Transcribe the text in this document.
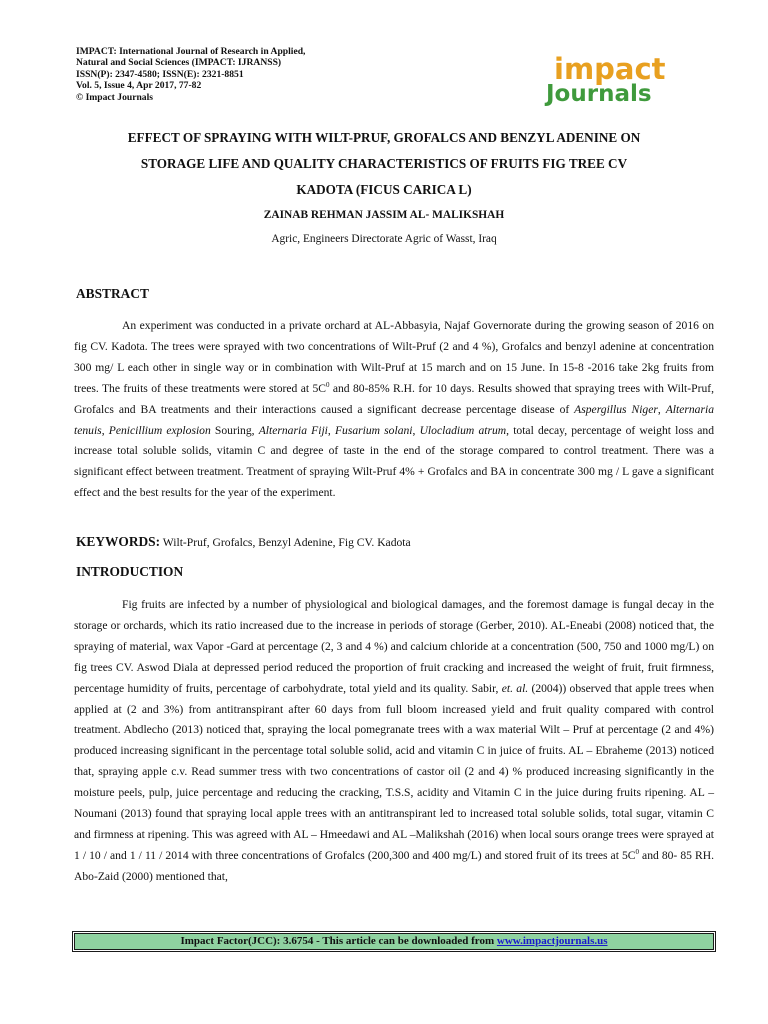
IMPACT: International Journal of Research in Applied,
Natural and Social Sciences (IMPACT: IJRANSS)
ISSN(P): 2347-4580; ISSN(E): 2321-8851
Vol. 5, Issue 4, Apr 2017, 77-82
© Impact Journals
impact
Journals
EFFECT OF SPRAYING WITH WILT-PRUF, GROFALCS AND BENZYL ADENINE ON
STORAGE LIFE AND QUALITY CHARACTERISTICS OF FRUITS FIG TREE CV
KADOTA (FICUS CARICA L)
ZAINAB REHMAN JASSIM AL- MALIKSHAH
Agric, Engineers Directorate Agric of Wasst, Iraq
ABSTRACT
An experiment was conducted in a private orchard at AL-Abbasyia, Najaf Governorate during the growing season of 2016 on fig CV. Kadota. The trees were sprayed with two concentrations of Wilt-Pruf (2 and 4 %), Grofalcs and benzyl adenine at concentration 300 mg/ L each other in single way or in combination with Wilt-Pruf at 15 march and on 15 June. In 15-8 -2016 take 2kg fruits from trees. The fruits of these treatments were stored at $5C^0$ and 80-85% R.H. for 10 days. Results showed that spraying trees with Wilt-Pruf, Grofalcs and BA treatments and their interactions caused a significant decrease percentage disease of Aspergillus Niger, Alternaria tenuis, Penicillium explosion Souring, Alternaria Fiji, Fusarium solani, Ulocladium atrum, total decay, percentage of weight loss and increase total soluble solids, vitamin C and degree of taste in the end of the storage compared to control treatment. There was a significant effect between treatment. Treatment of spraying Wilt-Pruf 4% + Grofalcs and BA in concentrate 300 mg / L gave a significant effect and the best results for the year of the experiment.
KEYWORDS: Wilt-Pruf, Grofalcs, Benzyl Adenine, Fig CV. Kadota
INTRODUCTION
Fig fruits are infected by a number of physiological and biological damages, and the foremost damage is fungal decay in the storage or orchards, which its ratio increased due to the increase in periods of storage (Gerber, 2010). AL-Eneabi (2008) noticed that, the spraying of material, wax Vapor -Gard at percentage (2, 3 and 4 %) and calcium chloride at a concentration (500, 750 and 1000 mg/L) on fig trees CV. Aswod Diala at depressed period reduced the proportion of fruit cracking and increased the weight of fruit, fruit firmness, percentage humidity of fruits, percentage of carbohydrate, total yield and its quality. Sabir, et. al. (2004)) observed that apple trees when applied at (2 and 3%) from antitranspirant after 60 days from full bloom increased yield and fruit quality compared with control treatment. Abdlecho (2013) noticed that, spraying the local pomegranate trees with a wax material Wilt – Pruf at percentage (2 and 4%) produced increasing significant in the percentage total soluble solid, acid and vitamin C in juice of fruits. AL – Ebraheme (2013) noticed that, spraying apple c.v. Read summer tress with two concentrations of castor oil (2 and 4) % produced increasing significantly in the moisture peels, pulp, juice percentage and reducing the cracking, T.S.S, acidity and Vitamin C in the juice during fruits ripening. AL – Noumani (2013) found that spraying local apple trees with an antitranspirant led to increased total soluble solids, total sugar, vitamin C and firmness at ripening. This was agreed with AL – Hmeedawi and AL –Malikshah (2016) when local sours orange trees were sprayed at 1 / 10 / and 1 / 11 / 2014 with three concentrations of Grofalcs (200,300 and 400 mg/L) and stored fruit of its trees at $5C^0$ and 80- 85 RH. Abo-Zaid (2000) mentioned that,
Impact Factor(JCC): 3.6754 - This article can be downloaded from www.impactjournals.us
